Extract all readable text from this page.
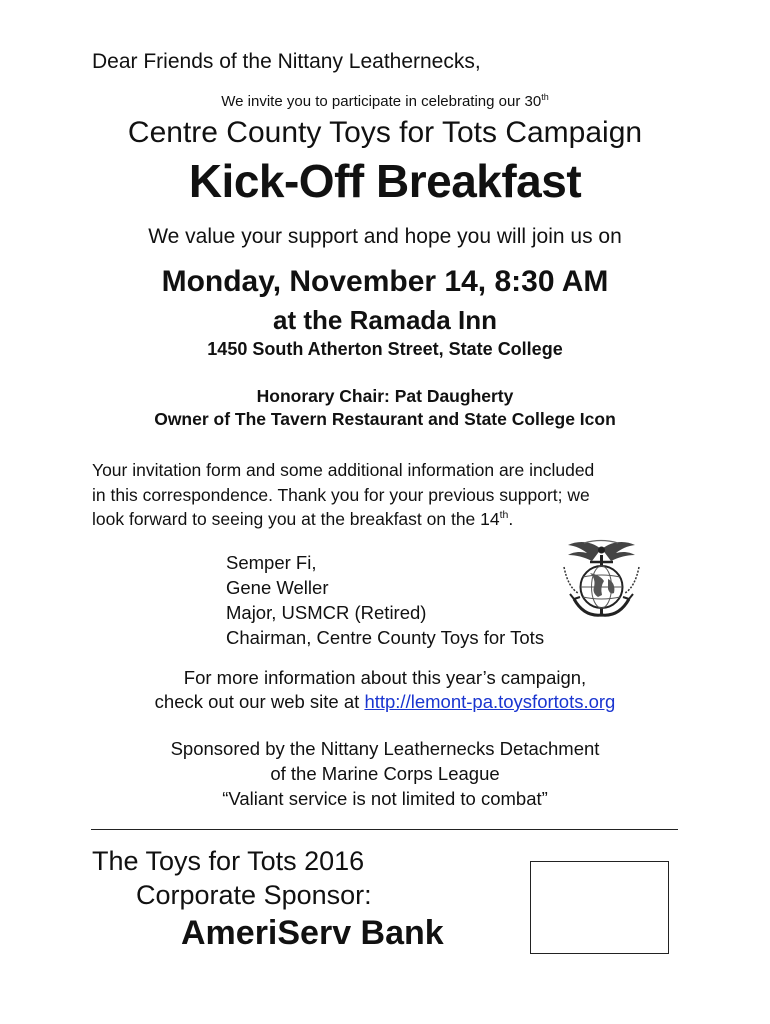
Dear Friends of the Nittany Leathernecks,
We invite you to participate in celebrating our 30th
Centre County Toys for Tots Campaign
Kick-Off Breakfast
We value your support and hope you will join us on
Monday, November 14, 8:30 AM
at the Ramada Inn
1450 South Atherton Street, State College
Honorary Chair: Pat Daugherty
Owner of The Tavern Restaurant and State College Icon
Your invitation form and some additional information are included
in this correspondence. Thank you for your previous support; we
look forward to seeing you at the breakfast on the 14th.
Semper Fi,
Gene Weller
Major, USMCR (Retired)
Chairman, Centre County Toys for Tots
For more information about this year’s campaign,
check out our web site at http://lemont-pa.toysfortots.org
Sponsored by the Nittany Leathernecks Detachment
of the Marine Corps League
“Valiant service is not limited to combat”
The Toys for Tots 2016
Corporate Sponsor:
AmeriServ Bank
